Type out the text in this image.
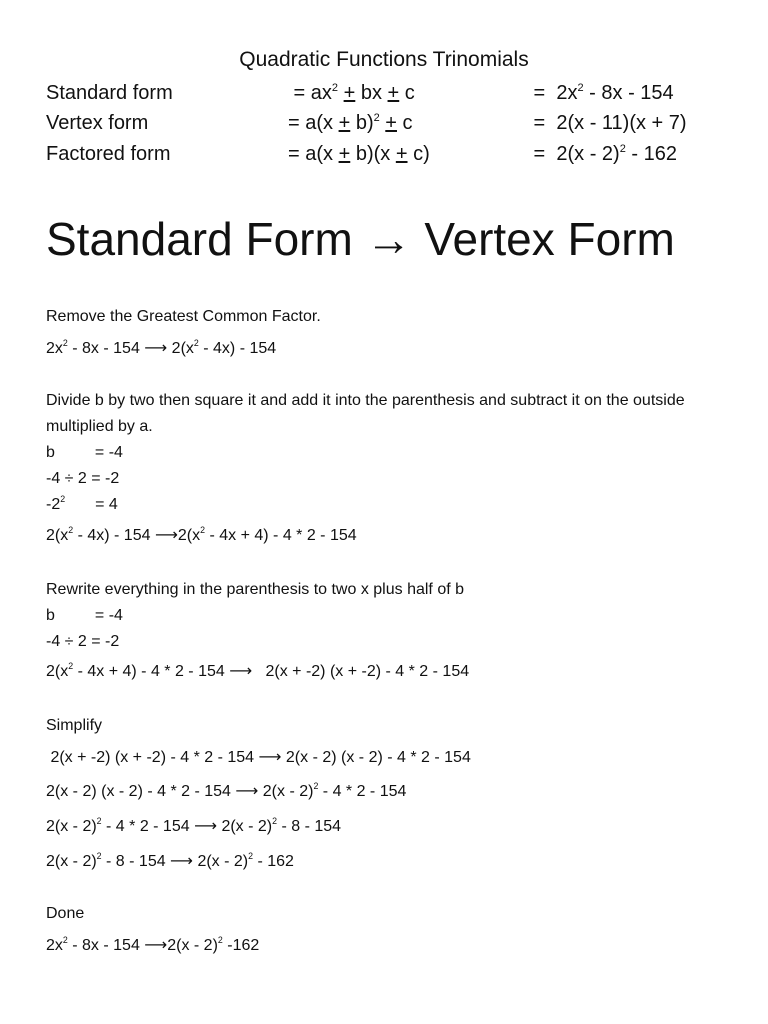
Quadratic Functions Trinomials
Standard form	= $ax^2$ + bx + c	=  $2x^2 - 8x - 154$
Vertex form	= $a(x + b)^2 + c$	=  2(x - 11)(x + 7)
Factored form	= a(x + b)(x + c)	=  2(x - 2)$^2$ - 162
Standard Form → Vertex Form
Remove the Greatest Common Factor.
$2x^2 - 8x - 154$ ⟶ $2(x^2 - 4x) - 154$
Divide b by two then square it and add it into the parenthesis and subtract it on the outside multiplied by a.
b	= -4
-4 ÷ 2 = -2
$-2^2 = 4$
$2(x^2 - 4x) - 154$ $⟶2(x^2 - 4x + 4) - 4 * 2 - 154$
Rewrite everything in the parenthesis to two x plus half of b
b	= -4
-4 ÷ 2 = -2
$2(x^2 - 4x + 4) - 4 * 2 - 154$ ⟶   2(x + -2) (x + -2) - 4 * 2 - 154
Simplify
2(x + -2) (x + -2) - 4 * 2 - 154 ⟶ 2(x - 2) (x - 2) - 4 * 2 - 154
2(x - 2) (x - 2) - 4 * 2 - 154 ⟶ 2(x - 2)$^2$ - 4 * 2 - 154
2(x - 2)$^2$ - 4 * 2 - 154 ⟶ 2(x - 2)$^2$ - 8 - 154
2(x - 2)$^2$ - 8 - 154 ⟶ 2(x - 2)$^2$ - 162
Done
$2x^2 - 8x - 154$ ⟶2(x - 2)$^2$ -162
